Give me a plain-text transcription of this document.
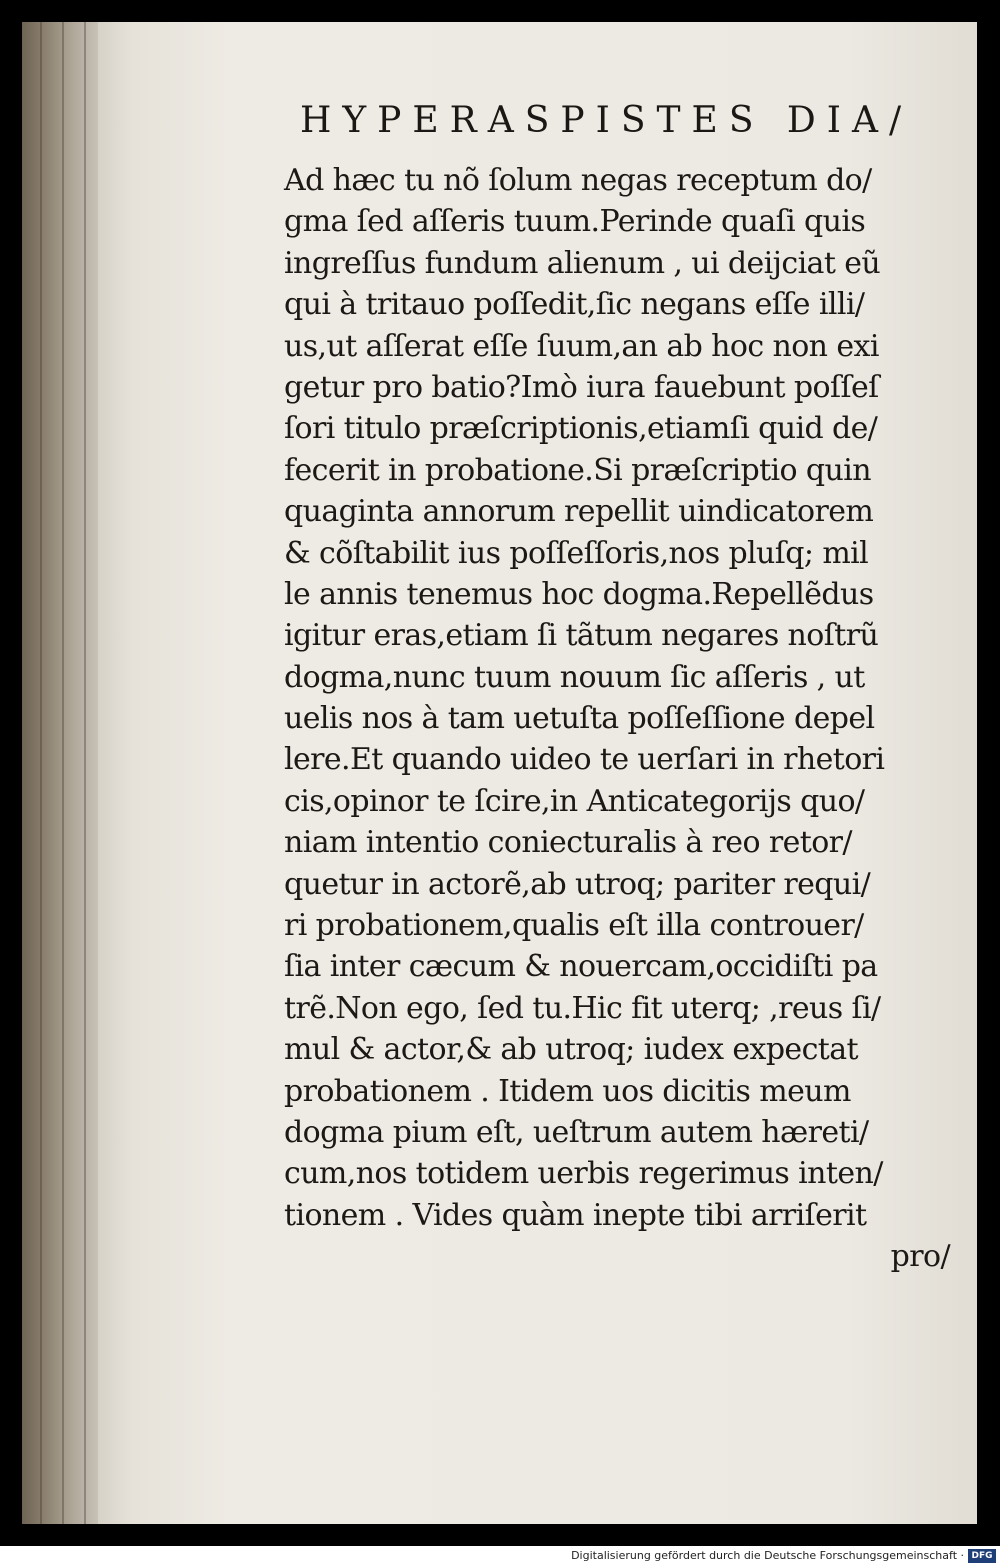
HYPERASPISTES DIA/
Ad hæc tu nõ ſolum negas receptum do/
gma ſed aſſeris tuum.Perinde quaſi quis
ingreſſus fundum alienum , ui deijciat eũ
qui à tritauo poſſedit,ſic negans eſſe illi/
us,ut aſſerat eſſe ſuum,an ab hoc non exi
getur pro batio?Imò iura fauebunt poſſeſ
ſori titulo præſcriptionis,etiamſi quid de/
fecerit in probatione.Si præſcriptio quin
quaginta annorum repellit uindicatorem
& cõſtabilit ius poſſeſſoris,nos pluſq; mil
le annis tenemus hoc dogma.Repellẽdus
igitur eras,etiam ſi tãtum negares noſtrũ
dogma,nunc tuum nouum ſic aſſeris , ut
uelis nos à tam uetuſta poſſeſſione depel
lere.Et quando uideo te uerſari in rhetori
cis,opinor te ſcire,in Anticategorijs quo/
niam intentio coniecturalis à reo retor/
quetur in actorẽ,ab utroq; pariter requi/
ri probationem,qualis eſt illa controuer/
ſia inter cæcum & nouercam,occidiſti pa
trẽ.Non ego, ſed tu.Hic fit uterq; ,reus ſi/
mul & actor,& ab utroq; iudex expectat
probationem . Itidem uos dicitis meum
dogma pium eſt, ueſtrum autem hæreti/
cum,nos totidem uerbis regerimus inten/
tionem . Vides quàm inepte tibi arriſerit
pro/

Digitalisierung gefördert durch die Deutsche Forschungsgemeinschaft · DFG
